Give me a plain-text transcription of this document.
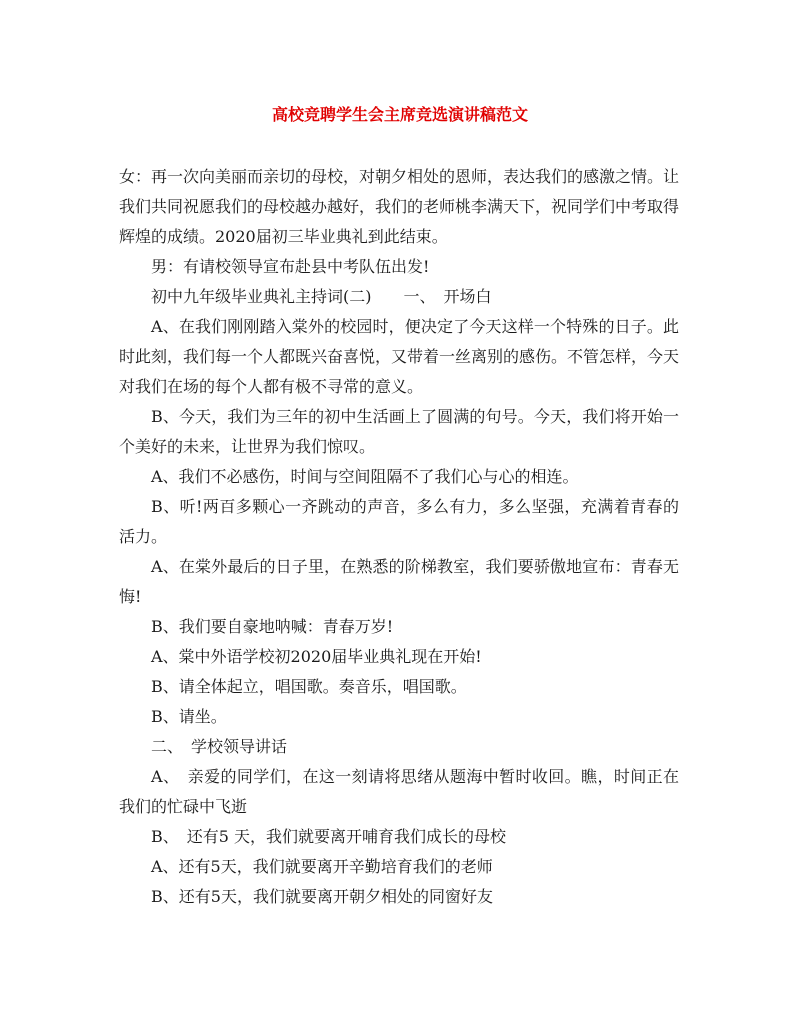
高校竞聘学生会主席竞选演讲稿范文

女：再一次向美丽而亲切的母校，对朝夕相处的恩师，表达我们的感激之情。让我们共同祝愿我们的母校越办越好，我们的老师桃李满天下，祝同学们中考取得辉煌的成绩。2020届初三毕业典礼到此结束。

男：有请校领导宣布赴县中考队伍出发!

初中九年级毕业典礼主持词(二)　　一、　开场白

A、在我们刚刚踏入棠外的校园时，便决定了今天这样一个特殊的日子。此时此刻，我们每一个人都既兴奋喜悦，又带着一丝离别的感伤。不管怎样，今天对我们在场的每个人都有极不寻常的意义。

B、今天，我们为三年的初中生活画上了圆满的句号。今天，我们将开始一个美好的未来，让世界为我们惊叹。

A、我们不必感伤，时间与空间阻隔不了我们心与心的相连。

B、听!两百多颗心一齐跳动的声音，多么有力，多么坚强，充满着青春的活力。

A、在棠外最后的日子里，在熟悉的阶梯教室，我们要骄傲地宣布：青春无悔!

B、我们要自豪地呐喊：青春万岁!

A、棠中外语学校初2020届毕业典礼现在开始!

B、请全体起立，唱国歌。奏音乐，唱国歌。

B、请坐。

二、　学校领导讲话

A、　亲爱的同学们，在这一刻请将思绪从题海中暂时收回。瞧，时间正在我们的忙碌中飞逝

B、　还有5 天，我们就要离开哺育我们成长的母校

A、还有5天，我们就要离开辛勤培育我们的老师

B、还有5天，我们就要离开朝夕相处的同窗好友
